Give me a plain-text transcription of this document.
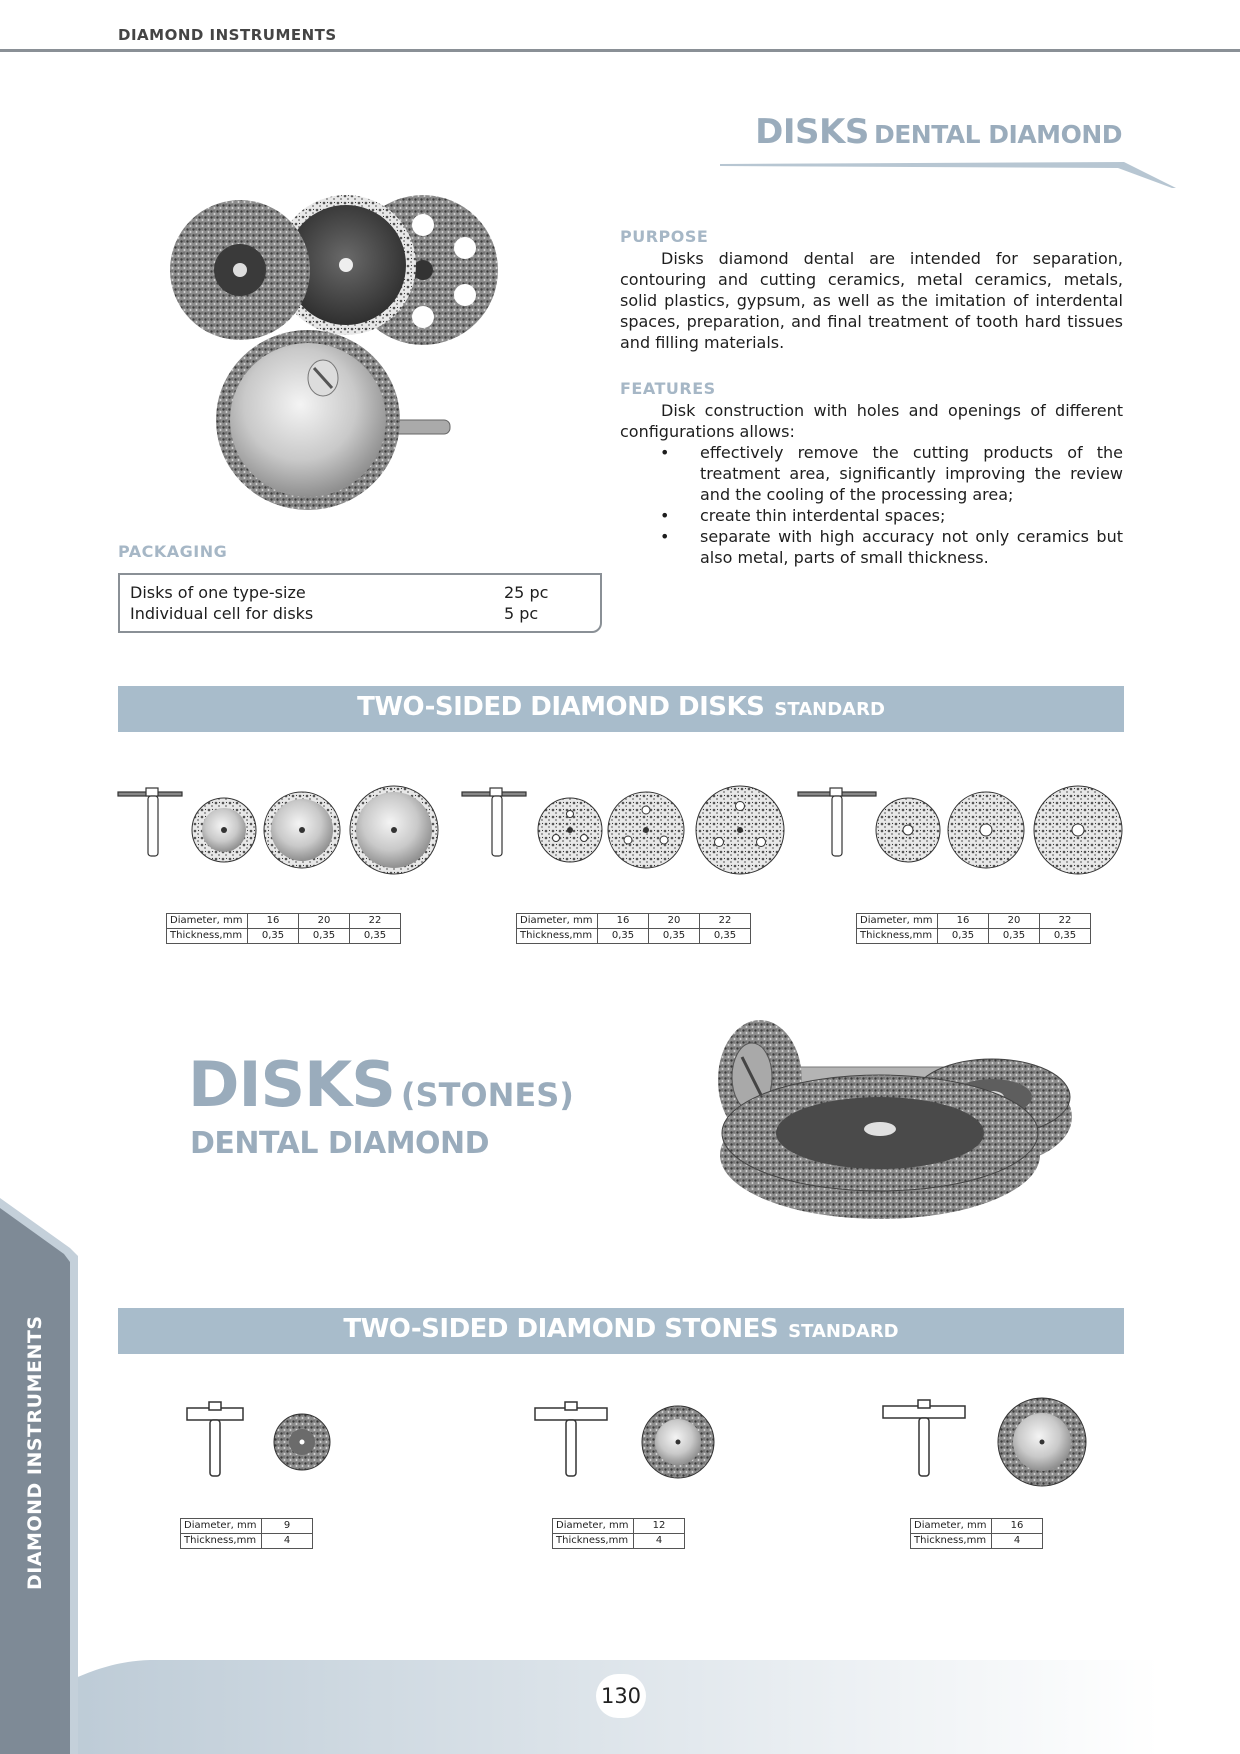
DIAMOND INSTRUMENTS
DISKS DENTAL DIAMOND
PURPOSE
Disks diamond dental are intended for separation, contouring and cutting ceramics, metal ceramics, metals, solid plastics, gypsum, as well as the imitation of interdental spaces, preparation, and final treatment of tooth hard tissues and filling materials.
FEATURES
Disk construction with holes and openings of different configurations allows:
• effectively remove the cutting products of the treatment area, significantly improving the review and the cooling of the processing area;
• create thin interdental spaces;
• separate with high accuracy not only ceramics but also metal, parts of small thickness.
PACKAGING
Disks of one type-size	25 pc
Individual cell for disks	5 pc
TWO-SIDED DIAMOND DISKS STANDARD
Diameter, mm	16	20	22
Thickness,mm	0,35	0,35	0,35
Diameter, mm	16	20	22
Thickness,mm	0,35	0,35	0,35
Diameter, mm	16	20	22
Thickness,mm	0,35	0,35	0,35
DISKS (STONES)
DENTAL DIAMOND
TWO-SIDED DIAMOND STONES STANDARD
Diameter, mm	9
Thickness,mm	4
Diameter, mm	12
Thickness,mm	4
Diameter, mm	16
Thickness,mm	4
DIAMOND INSTRUMENTS
130
